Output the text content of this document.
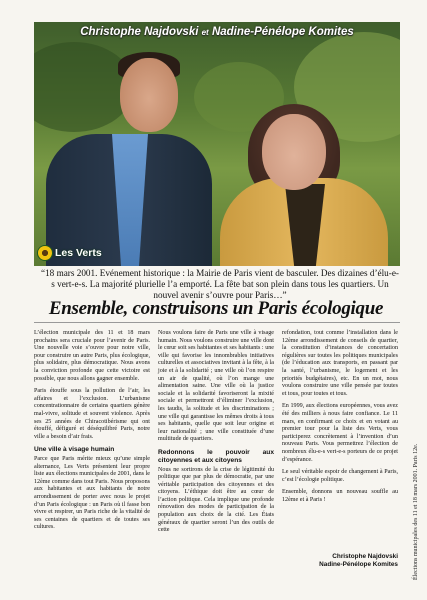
Christophe Najdovski et Nadine-Pénélope Komites
Les Verts
“18 mars 2001. Evénement historique : la Mairie de Paris vient de basculer. Des dizaines d’élu-e-s vert-e-s. La majorité plurielle l’a emporté. La fête bat son plein dans tous les quartiers. Un nouvel avenir s’ouvre pour Paris…”
Ensemble, construisons un Paris écologique

L’élection municipale des 11 et 18 mars prochains sera cruciale pour l’avenir de Paris. Une nouvelle voie s’ouvre pour notre ville, pour construire un autre Paris, plus écologique, plus solidaire, plus démocratique. Nous avons la conviction profonde que cette victoire est possible, que nous allons gagner ensemble.

Paris étouffe sous la pollution de l’air, les affaires et l’exclusion. L’urbanisme concentrationnaire de certains quartiers génère mal-vivre, solitude et souvent violence. Après ses 25 années de Chiracotibérisme qui ont étouffé, défiguré et déséquilibré Paris, notre ville a besoin d’air frais.

Une ville à visage humain

Parce que Paris mérite mieux qu’une simple alternance, Les Verts présentent leur propre liste aux élections municipales de 2001, dans le 12ème comme dans tout Paris. Nous proposons aux habitantes et aux habitants de notre arrondissement de porter avec nous le projet d’un Paris écologique : un Paris où il fasse bon vivre et respirer, un Paris riche de la vitalité de ses centaines de quartiers et de toutes ses cultures.

Nous voulons faire de Paris une ville à visage humain. Nous voulons construire une ville dont le cœur soit ses habitantes et ses habitants : une ville qui favorise les innombrables initiatives culturelles et associatives invitant à la fête, à la joie et à la solidarité ; une ville où l’on respire un air de qualité, où l’on mange une alimentation saine. Une ville où la justice sociale et la solidarité favoriseront la mixité sociale et permettront d’éliminer l’exclusion, les taudis, la solitude et les discriminations ; une ville qui garantisse les mêmes droits à tous ses habitants, quelle que soit leur origine et leur nationalité ; une ville constituée d’une multitude de quartiers.

Redonnons le pouvoir aux citoyennes et aux citoyens

Nous ne sortirons de la crise de légitimité du politique que par plus de démocratie, par une véritable participation des citoyennes et des citoyens. L’éthique doit être au cœur de l’action politique. Cela implique une profonde rénovation des modes de participation de la population aux choix de la cité. Les États généraux de quartier seront l’un des outils de cette

refondation, tout comme l’installation dans le 12ème arrondissement de conseils de quartier, la constitution d’instances de concertation régulières sur toutes les politiques municipales (de l’éducation aux transports, en passant par la santé, l’urbanisme, le logement et les priorités budgétaires), etc. En un mot, nous voulons construire une ville pensée par toutes et tous, pour toutes et tous.

En 1999, aux élections européennes, vous avez été des milliers à nous faire confiance. Le 11 mars, en confirmant ce choix et en votant au premier tour pour la liste des Verts, vous participerez concrètement à l’invention d’un nouveau Paris. Vous permettrez l’élection de nombreux élu-e-s vert-e-s porteurs de ce projet d’espérance.

Le seul véritable espoir de changement à Paris, c’est l’écologie politique.

Ensemble, donnons un nouveau souffle au 12ème et à Paris !

Christophe Najdovski
Nadine-Pénélope Komites	Élections municipales des 11 et 18 mars 2001. Paris 12e.
